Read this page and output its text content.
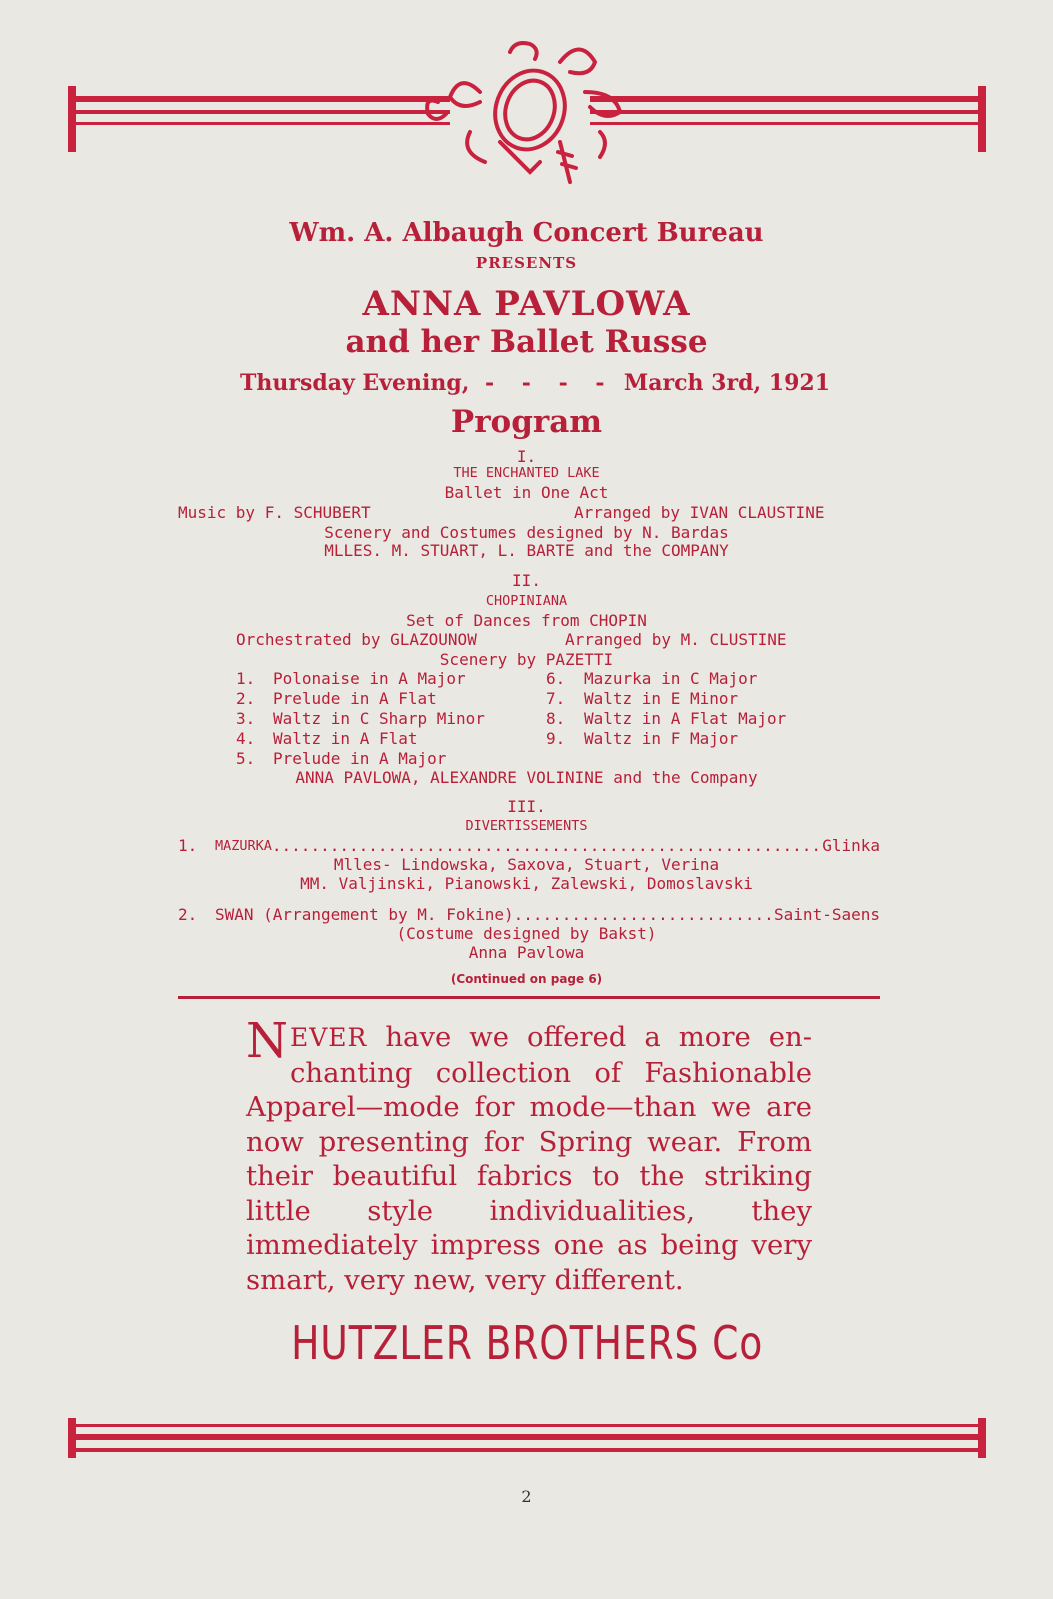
Wm. A. Albaugh Concert Bureau
PRESENTS
ANNA PAVLOWA
and her Ballet Russe
Thursday Evening, - - - - March 3rd, 1921
Program
I.
THE ENCHANTED LAKE
Ballet in One Act
Music by F. SCHUBERT	Arranged by IVAN CLAUSTINE
Scenery and Costumes designed by N. Bardas
MLLES. M. STUART, L. BARTE and the COMPANY
II.
CHOPINIANA
Set of Dances from CHOPIN
Orchestrated by GLAZOUNOW	Arranged by M. CLUSTINE
Scenery by PAZETTI
1. Polonaise in A Major
2. Prelude in A Flat
3. Waltz in C Sharp Minor
4. Waltz in A Flat
5. Prelude in A Major
6. Mazurka in C Major
7. Waltz in E Minor
8. Waltz in A Flat Major
9. Waltz in F Major
ANNA PAVLOWA, ALEXANDRE VOLININE and the Company
III.
DIVERTISSEMENTS
1.	MAZURKA .....	Glinka
Mlles- Lindowska, Saxova, Stuart, Verina
MM. Valjinski, Pianowski, Zalewski, Domoslavski
2.	SWAN (Arrangement by M. Fokine) .....	Saint-Saens
(Costume designed by Bakst)
Anna Pavlowa
(Continued on page 6)
NEVER have we offered a more en- chanting collection of Fashionable Apparel—mode for mode—than we are now presenting for Spring wear. From their beautiful fabrics to the striking little style individualities, they immediately impress one as being very smart, very new, very different.
HUTZLER BROTHERS Co
2
